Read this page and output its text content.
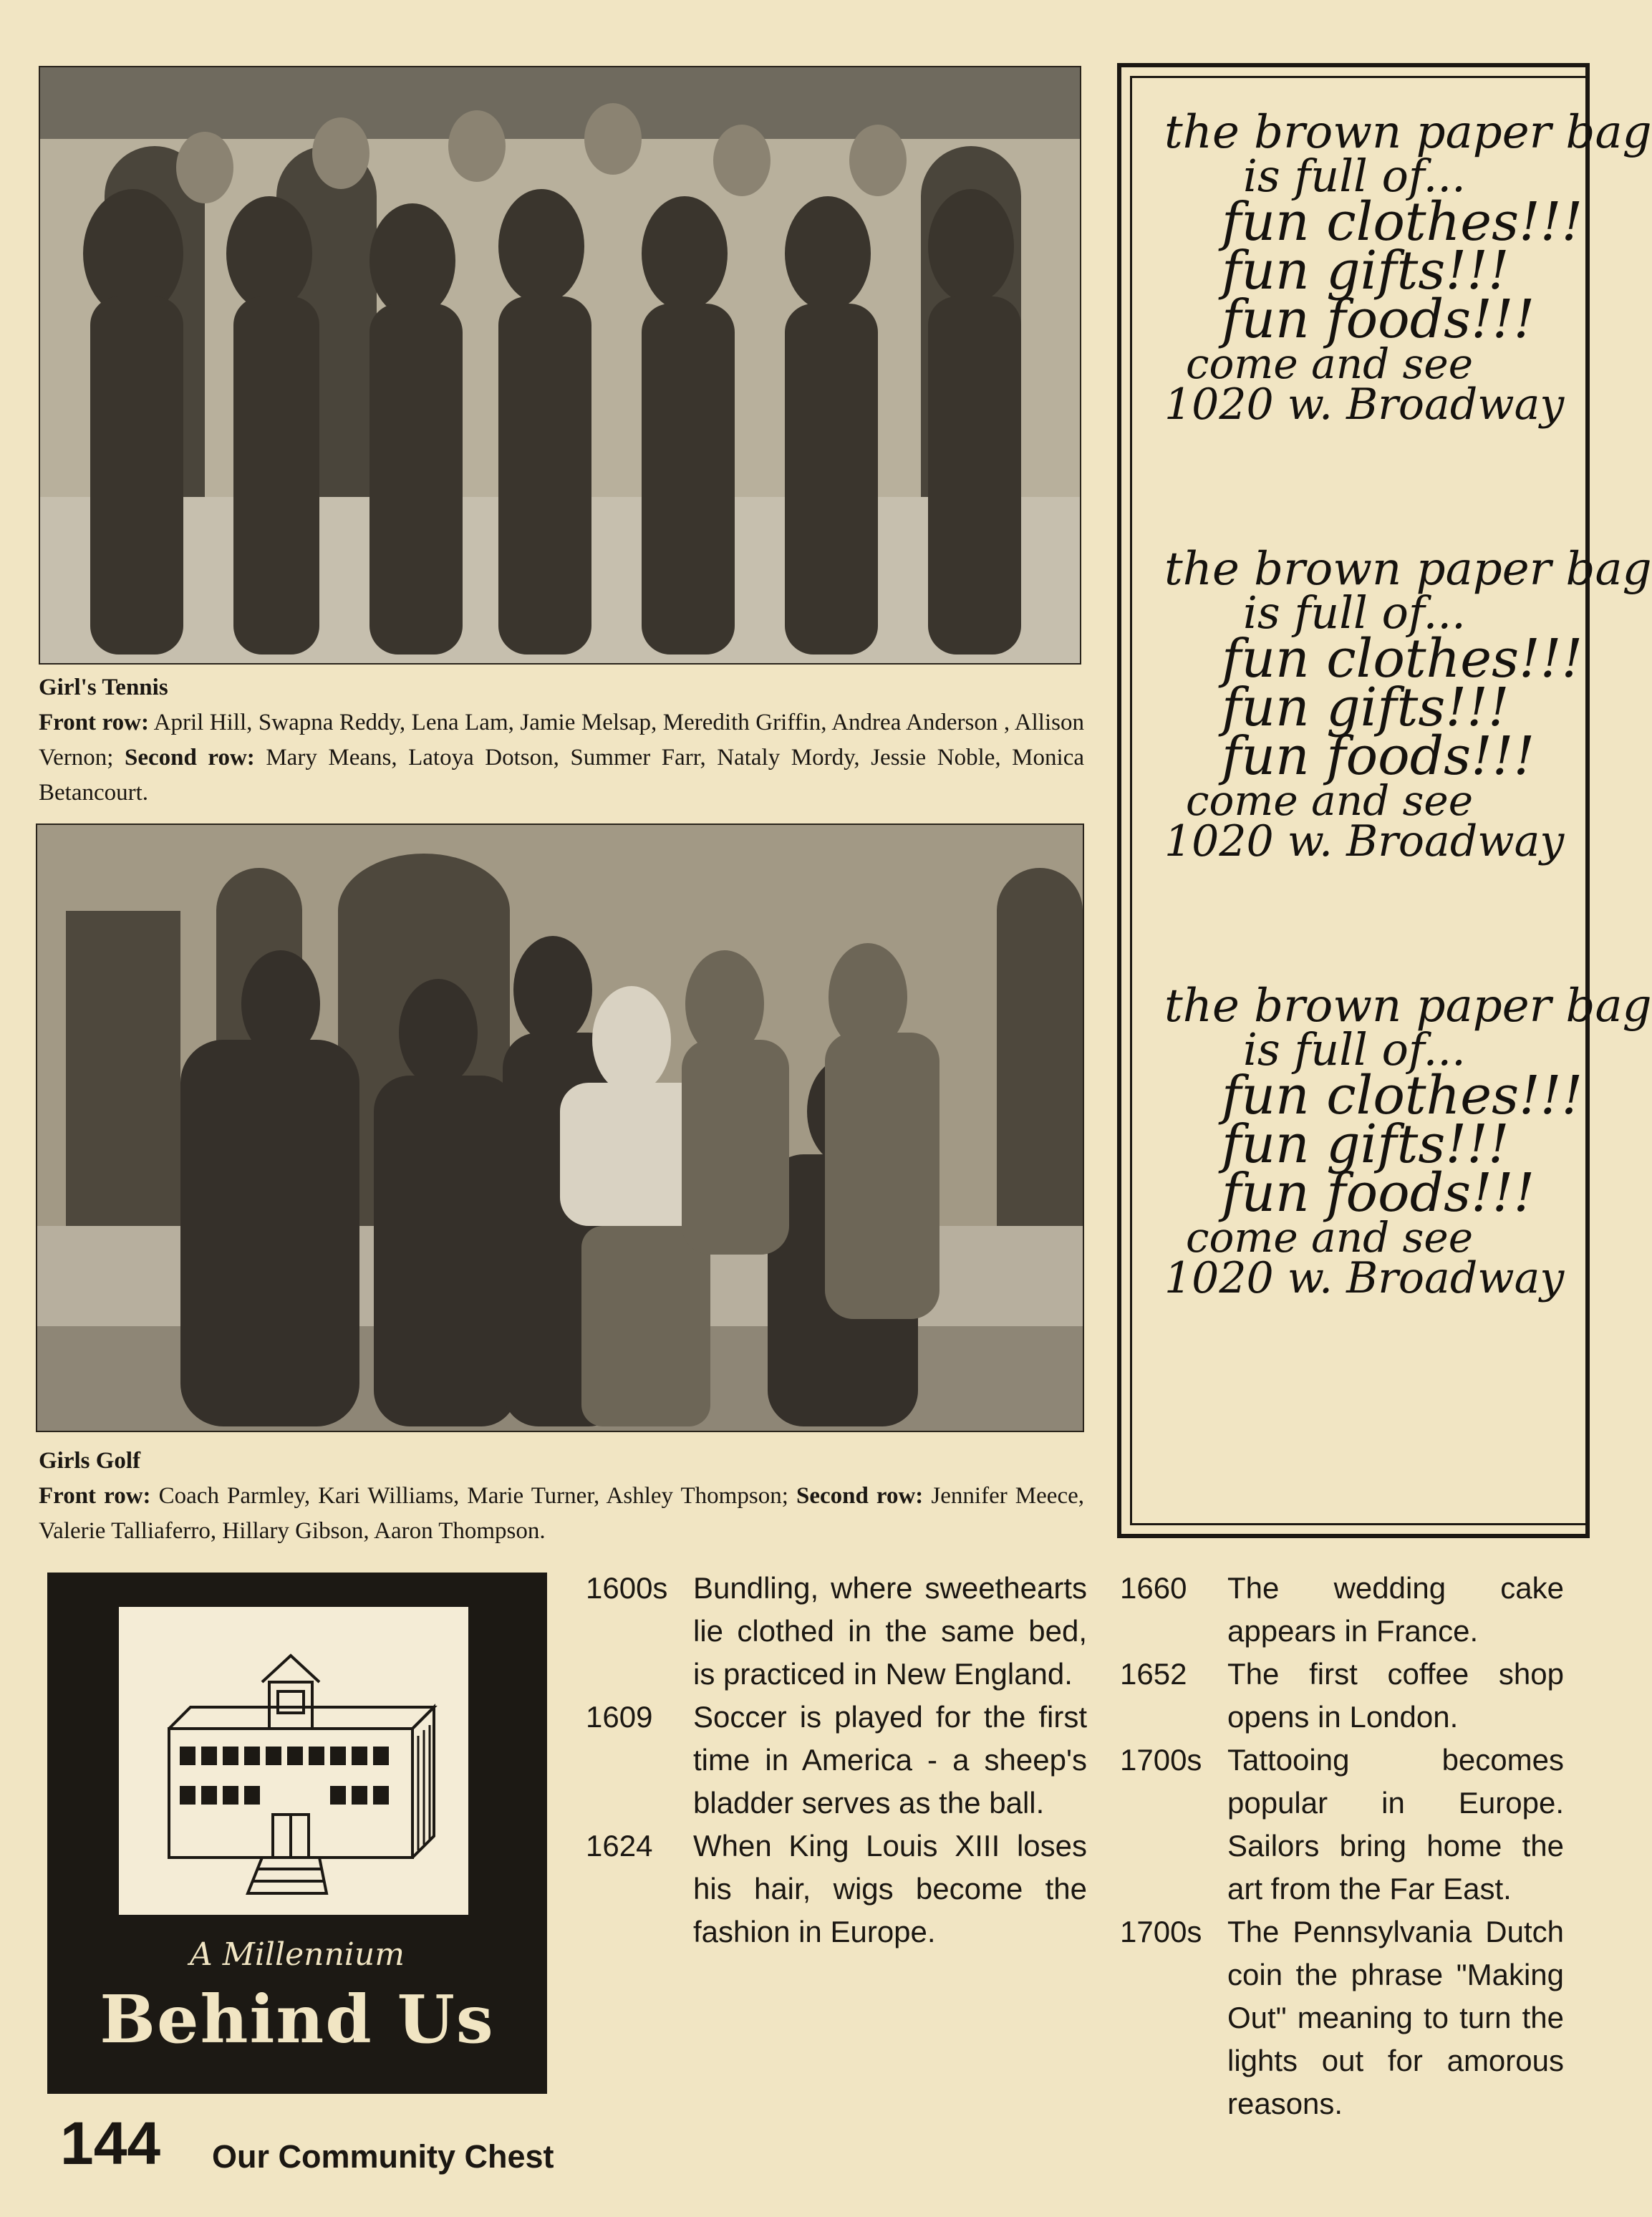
Girl's Tennis
Front row: April Hill, Swapna Reddy, Lena Lam, Jamie Melsap, Meredith Griffin, Andrea Anderson , Allison Vernon; Second row: Mary Means, Latoya Dotson, Summer Farr, Nataly Mordy, Jessie Noble, Monica Betancourt.
Girls Golf
Front row: Coach Parmley, Kari Williams, Marie Turner, Ashley Thompson; Second row: Jennifer Meece, Valerie Talliaferro, Hillary Gibson, Aaron Thompson.
the brown paper bag
is full of...
fun clothes!!!
fun gifts!!!
fun foods!!!
come and see
1020 w. Broadway
the brown paper bag
is full of...
fun clothes!!!
fun gifts!!!
fun foods!!!
come and see
1020 w. Broadway
the brown paper bag
is full of...
fun clothes!!!
fun gifts!!!
fun foods!!!
come and see
1020 w. Broadway
A Millennium
Behind Us
1600s Bundling, where sweethearts lie clothed in the same bed, is practiced in New England.
1609	Soccer is played for the first time in America - a sheep's bladder serves as the ball.
1624	When King Louis XIII loses his hair, wigs become the fashion in Europe.
1660	The wedding cake appears in France.
1652	The first coffee shop opens in London.
1700s Tattooing becomes popular in Europe. Sailors bring home the art from the Far East.
1700s The Pennsylvania Dutch coin the phrase "Making Out" meaning to turn the lights out for amorous reasons.
144 Our Community Chest
